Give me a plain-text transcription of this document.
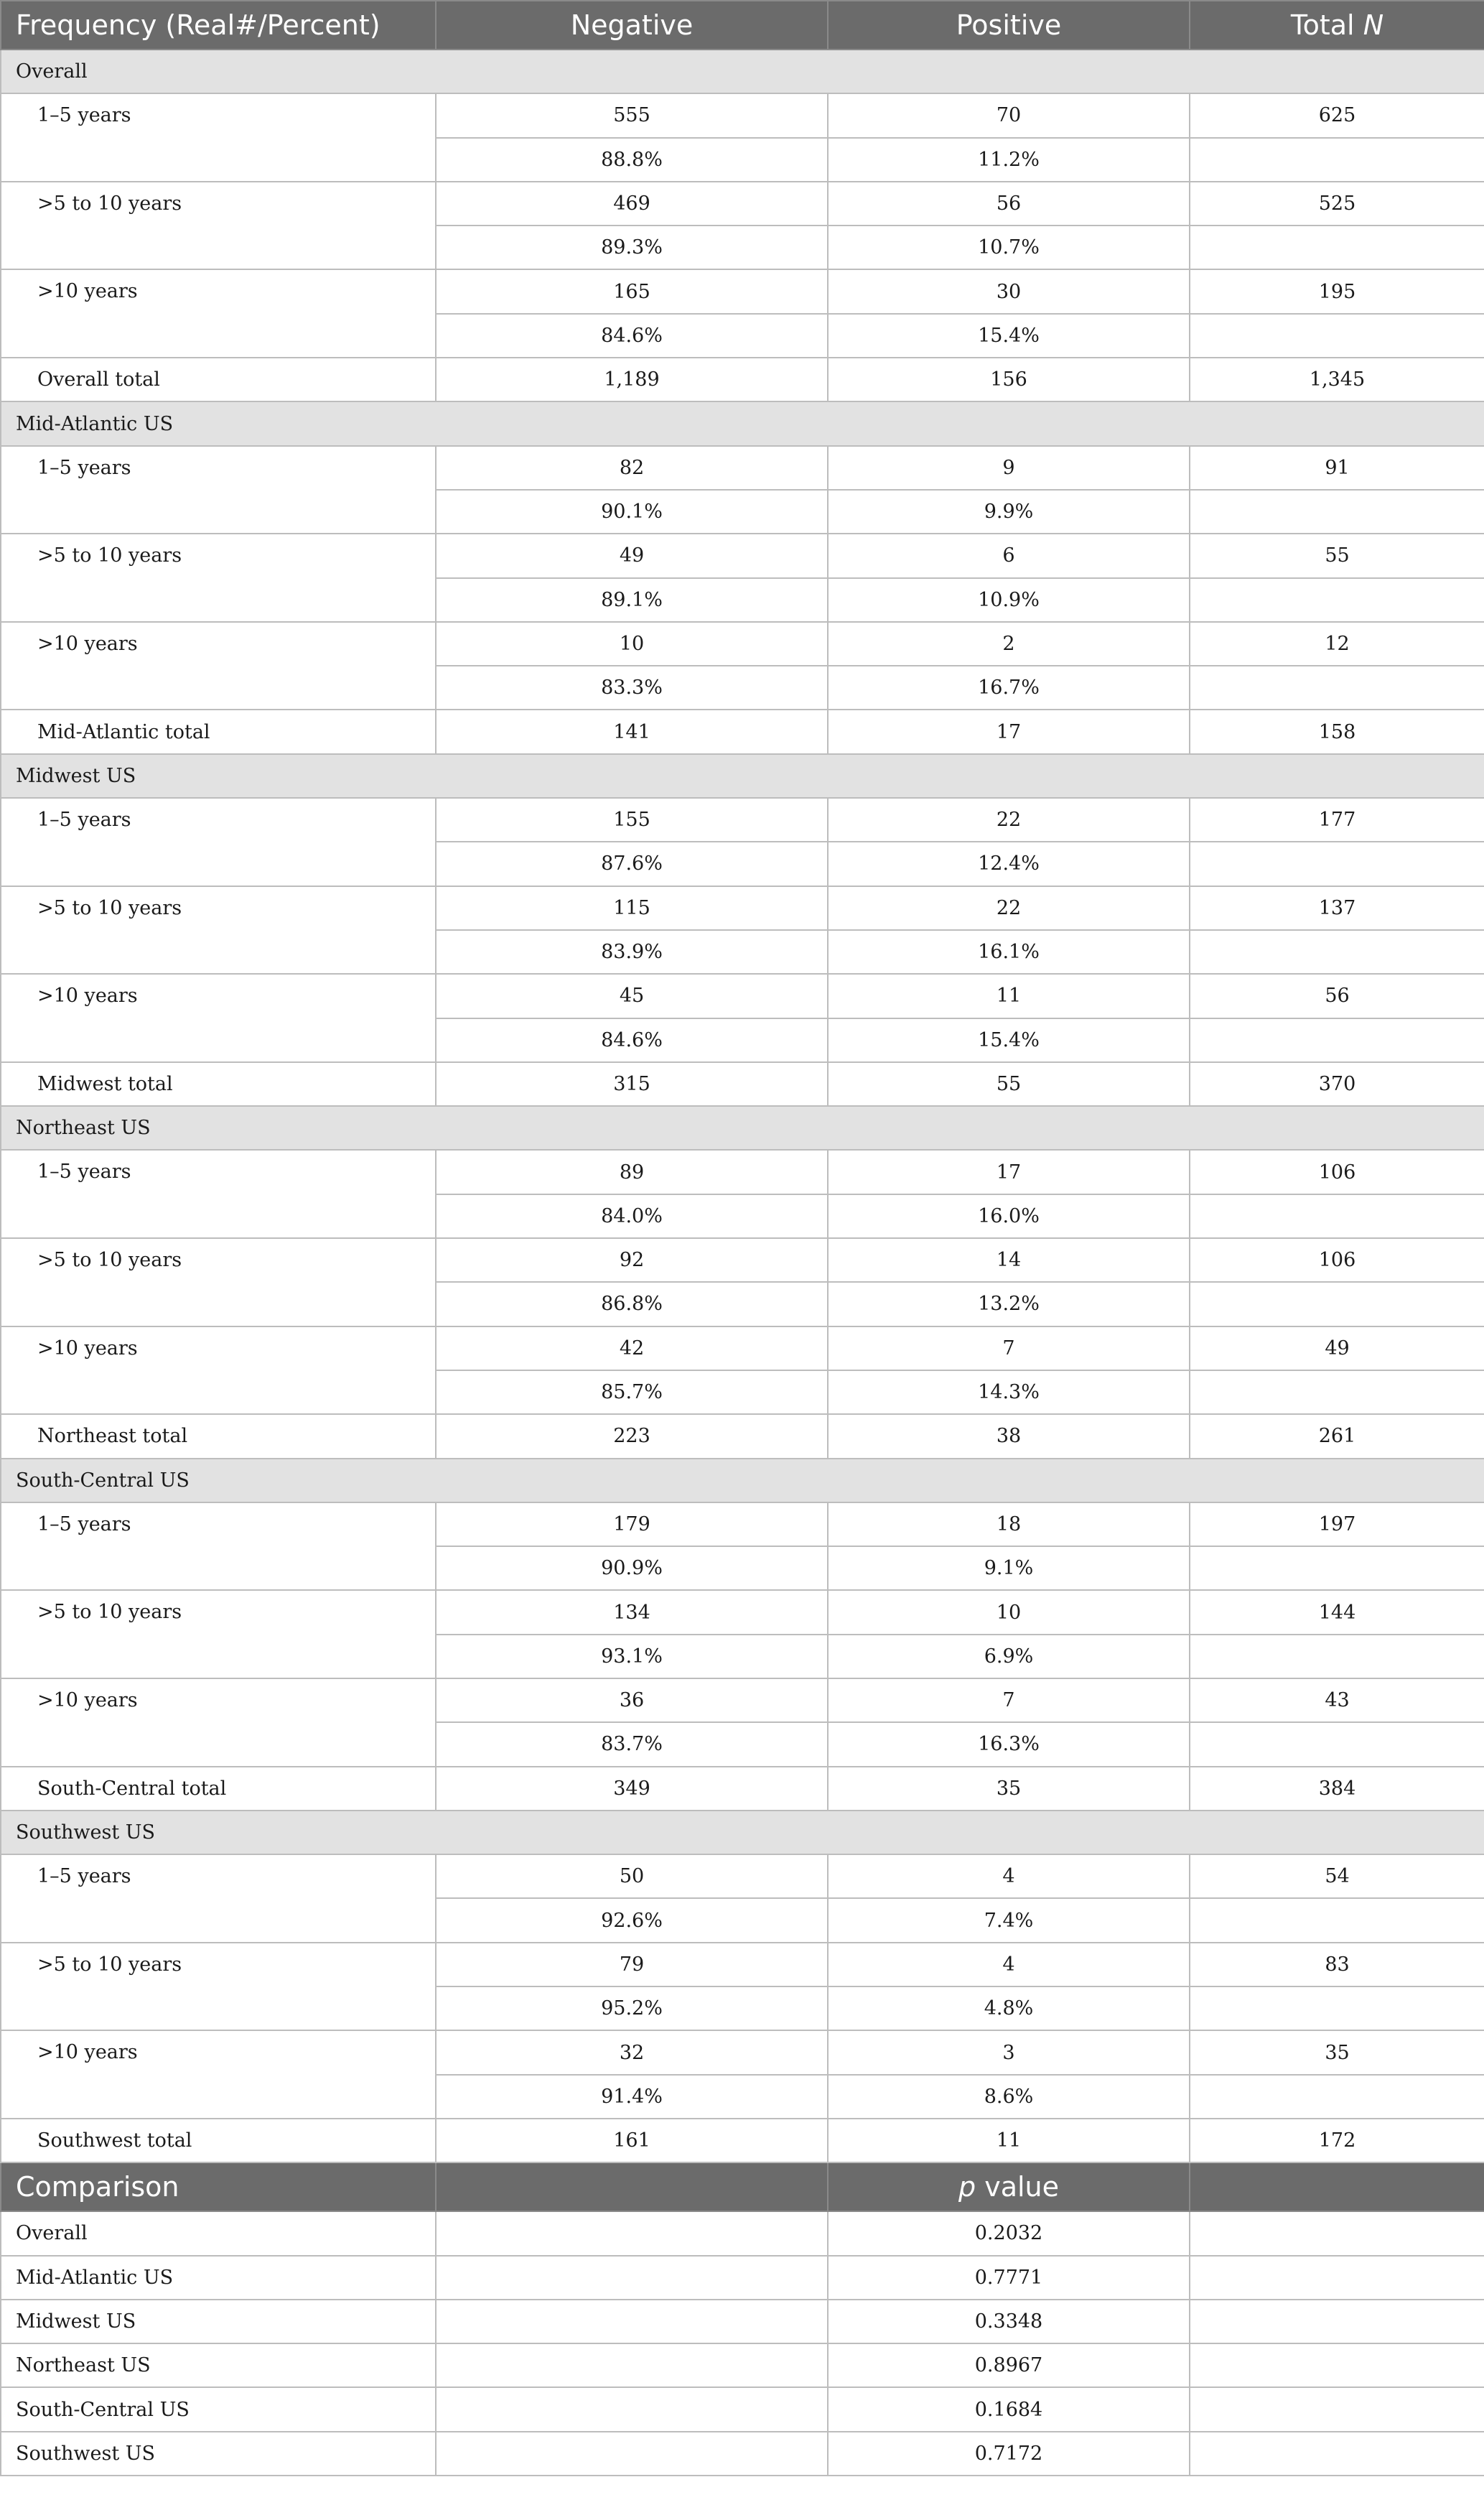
Frequency (Real#/Percent)	Negative	Positive	Total N
Overall			
1–5 years	555	70	625
	88.8%	11.2%	
>5 to 10 years	469	56	525
	89.3%	10.7%	
>10 years	165	30	195
	84.6%	15.4%	
Overall total	1,189	156	1,345
Mid-Atlantic US			
1–5 years	82	9	91
	90.1%	9.9%	
>5 to 10 years	49	6	55
	89.1%	10.9%	
>10 years	10	2	12
	83.3%	16.7%	
Mid-Atlantic total	141	17	158
Midwest US			
1–5 years	155	22	177
	87.6%	12.4%	
>5 to 10 years	115	22	137
	83.9%	16.1%	
>10 years	45	11	56
	84.6%	15.4%	
Midwest total	315	55	370
Northeast US			
1–5 years	89	17	106
	84.0%	16.0%	
>5 to 10 years	92	14	106
	86.8%	13.2%	
>10 years	42	7	49
	85.7%	14.3%	
Northeast total	223	38	261
South-Central US			
1–5 years	179	18	197
	90.9%	9.1%	
>5 to 10 years	134	10	144
	93.1%	6.9%	
>10 years	36	7	43
	83.7%	16.3%	
South-Central total	349	35	384
Southwest US			
1–5 years	50	4	54
	92.6%	7.4%	
>5 to 10 years	79	4	83
	95.2%	4.8%	
>10 years	32	3	35
	91.4%	8.6%	
Southwest total	161	11	172
Comparison		p value	
Overall		0.2032	
Mid-Atlantic US		0.7771	
Midwest US		0.3348	
Northeast US		0.8967	
South-Central US		0.1684	
Southwest US		0.7172	
